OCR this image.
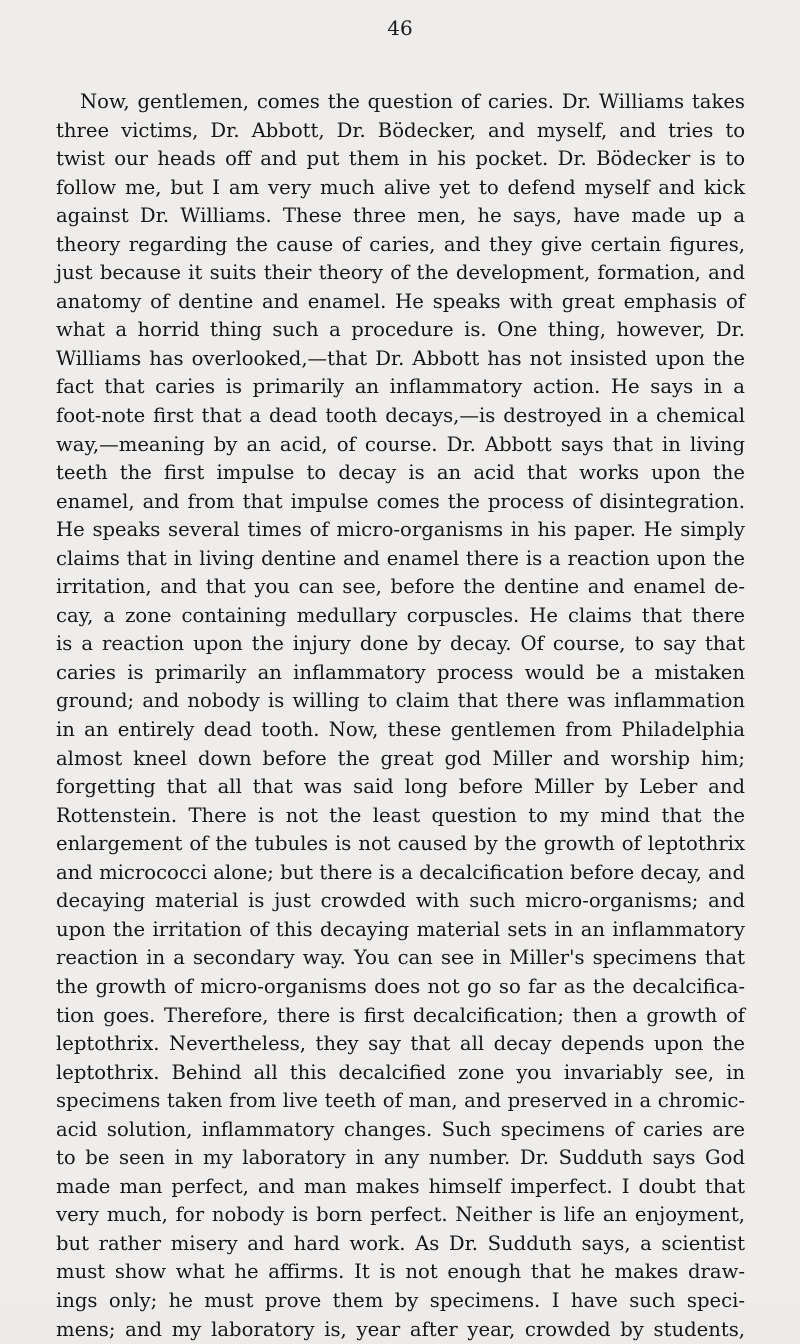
46
Now, gentlemen, comes the question of caries. Dr. Williams takes
three victims, Dr. Abbott, Dr. Bödecker, and myself, and tries to
twist our heads off and put them in his pocket. Dr. Bödecker is to
follow me, but I am very much alive yet to defend myself and kick
against Dr. Williams. These three men, he says, have made up a
theory regarding the cause of caries, and they give certain figures,
just because it suits their theory of the development, formation, and
anatomy of dentine and enamel. He speaks with great emphasis of
what a horrid thing such a procedure is. One thing, however, Dr.
Williams has overlooked,—that Dr. Abbott has not insisted upon the
fact that caries is primarily an inflammatory action. He says in a
foot-note first that a dead tooth decays,—is destroyed in a chemical
way,—meaning by an acid, of course. Dr. Abbott says that in living
teeth the first impulse to decay is an acid that works upon the
enamel, and from that impulse comes the process of disintegration.
He speaks several times of micro-organisms in his paper. He simply
claims that in living dentine and enamel there is a reaction upon the
irritation, and that you can see, before the dentine and enamel de-
cay, a zone containing medullary corpuscles. He claims that there
is a reaction upon the injury done by decay. Of course, to say that
caries is primarily an inflammatory process would be a mistaken
ground; and nobody is willing to claim that there was inflammation
in an entirely dead tooth. Now, these gentlemen from Philadelphia
almost kneel down before the great god Miller and worship him;
forgetting that all that was said long before Miller by Leber and
Rottenstein. There is not the least question to my mind that the
enlargement of the tubules is not caused by the growth of leptothrix
and micrococci alone; but there is a decalcification before decay, and
decaying material is just crowded with such micro-organisms; and
upon the irritation of this decaying material sets in an inflammatory
reaction in a secondary way. You can see in Miller's specimens that
the growth of micro-organisms does not go so far as the decalcifica-
tion goes. Therefore, there is first decalcification; then a growth of
leptothrix. Nevertheless, they say that all decay depends upon the
leptothrix. Behind all this decalcified zone you invariably see, in
specimens taken from live teeth of man, and preserved in a chromic-
acid solution, inflammatory changes. Such specimens of caries are
to be seen in my laboratory in any number. Dr. Sudduth says God
made man perfect, and man makes himself imperfect. I doubt that
very much, for nobody is born perfect. Neither is life an enjoyment,
but rather misery and hard work. As Dr. Sudduth says, a scientist
must show what he affirms. It is not enough that he makes draw-
ings only; he must prove them by specimens. I have such speci-
mens; and my laboratory is, year after year, crowded by students,
